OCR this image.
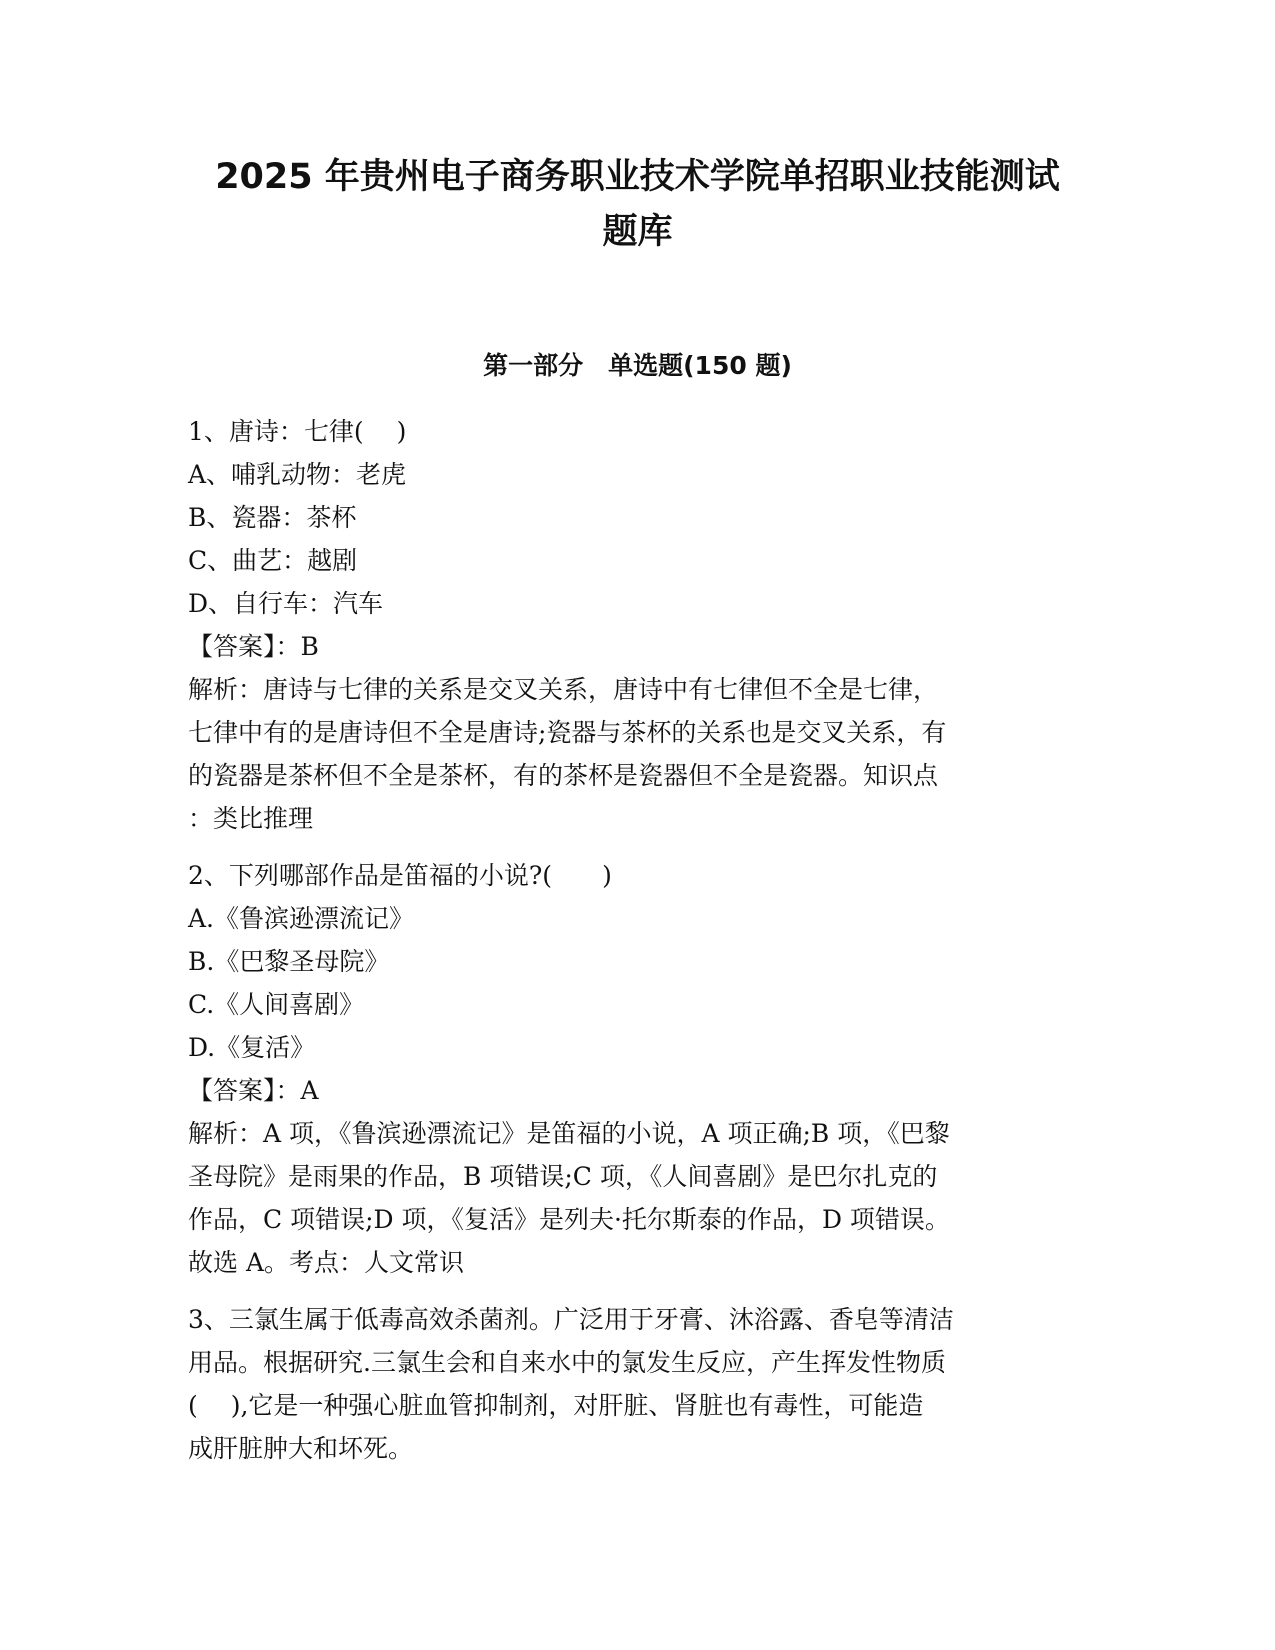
2025 年贵州电子商务职业技术学院单招职业技能测试
题库
第一部分　单选题(150 题)
1、唐诗：七律(　 )
A、哺乳动物：老虎
B、瓷器：茶杯
C、曲艺：越剧
D、自行车：汽车
【答案】：B
解析：唐诗与七律的关系是交叉关系，唐诗中有七律但不全是七律，
七律中有的是唐诗但不全是唐诗;瓷器与茶杯的关系也是交叉关系，有
的瓷器是茶杯但不全是茶杯，有的茶杯是瓷器但不全是瓷器。知识点
：类比推理
2、下列哪部作品是笛福的小说?(　　)
A.《鲁滨逊漂流记》
B.《巴黎圣母院》
C.《人间喜剧》
D.《复活》
【答案】：A
解析：A 项，《鲁滨逊漂流记》是笛福的小说，A 项正确;B 项，《巴黎
圣母院》是雨果的作品，B 项错误;C 项，《人间喜剧》是巴尔扎克的
作品，C 项错误;D 项，《复活》是列夫·托尔斯泰的作品，D 项错误。
故选 A。考点：人文常识
3、三氯生属于低毒高效杀菌剂。广泛用于牙膏、沐浴露、香皂等清洁
用品。根据研究.三氯生会和自来水中的氯发生反应，产生挥发性物质
(　 ),它是一种强心脏血管抑制剂，对肝脏、肾脏也有毒性，可能造
成肝脏肿大和坏死。
